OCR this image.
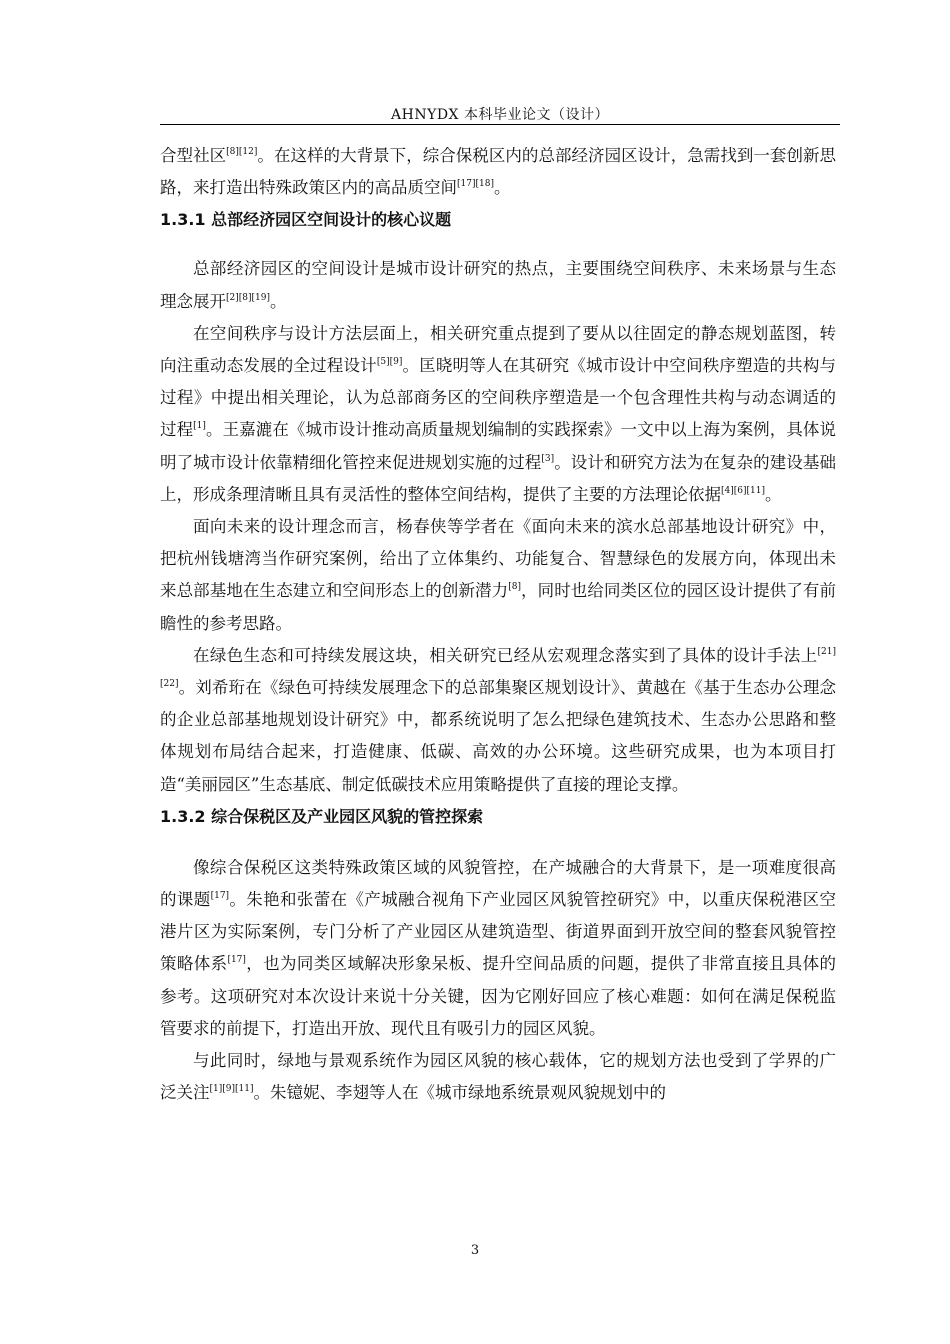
AHNYDX 本科毕业论文（设计）

合型社区[8][12]。在这样的大背景下，综合保税区内的总部经济园区设计，急需找到一套创新思路，来打造出特殊政策区内的高品质空间[17][18]。

1.3.1 总部经济园区空间设计的核心议题

总部经济园区的空间设计是城市设计研究的热点，主要围绕空间秩序、未来场景与生态理念展开[2][8][19]。

在空间秩序与设计方法层面上，相关研究重点提到了要从以往固定的静态规划蓝图，转向注重动态发展的全过程设计[5][9]。匡晓明等人在其研究《城市设计中空间秩序塑造的共构与过程》中提出相关理论，认为总部商务区的空间秩序塑造是一个包含理性共构与动态调适的过程[1]。王嘉漉在《城市设计推动高质量规划编制的实践探索》一文中以上海为案例，具体说明了城市设计依靠精细化管控来促进规划实施的过程[3]。设计和研究方法为在复杂的建设基础上，形成条理清晰且具有灵活性的整体空间结构，提供了主要的方法理论依据[4][6][11]。

面向未来的设计理念而言，杨春侠等学者在《面向未来的滨水总部基地设计研究》中，把杭州钱塘湾当作研究案例，给出了立体集约、功能复合、智慧绿色的发展方向，体现出未来总部基地在生态建立和空间形态上的创新潜力[8]，同时也给同类区位的园区设计提供了有前瞻性的参考思路。

在绿色生态和可持续发展这块，相关研究已经从宏观理念落实到了具体的设计手法上[21][22]。刘希珩在《绿色可持续发展理念下的总部集聚区规划设计》、黄越在《基于生态办公理念的企业总部基地规划设计研究》中，都系统说明了怎么把绿色建筑技术、生态办公思路和整体规划布局结合起来，打造健康、低碳、高效的办公环境。这些研究成果，也为本项目打造“美丽园区”生态基底、制定低碳技术应用策略提供了直接的理论支撑。

1.3.2 综合保税区及产业园区风貌的管控探索

像综合保税区这类特殊政策区域的风貌管控，在产城融合的大背景下，是一项难度很高的课题[17]。朱艳和张蕾在《产城融合视角下产业园区风貌管控研究》中，以重庆保税港区空港片区为实际案例，专门分析了产业园区从建筑造型、街道界面到开放空间的整套风貌管控策略体系[17]，也为同类区域解决形象呆板、提升空间品质的问题，提供了非常直接且具体的参考。这项研究对本次设计来说十分关键，因为它刚好回应了核心难题：如何在满足保税监管要求的前提下，打造出开放、现代且有吸引力的园区风貌。

与此同时，绿地与景观系统作为园区风貌的核心载体，它的规划方法也受到了学界的广泛关注[1][9][11]。朱镱妮、李翅等人在《城市绿地系统景观风貌规划中的

3
